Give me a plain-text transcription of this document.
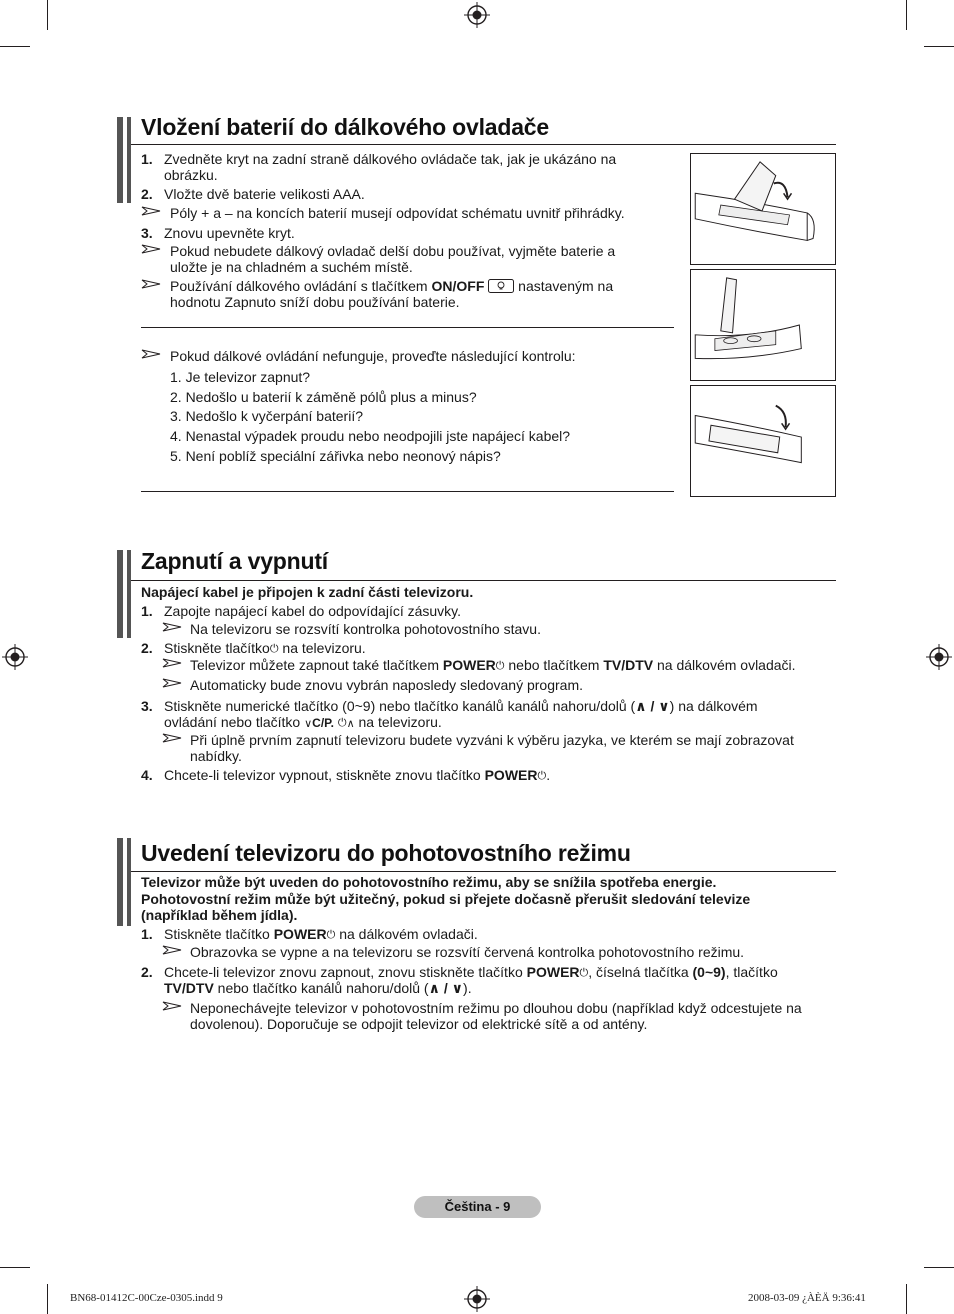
Vložení baterií do dálkového ovladače
1. Zvedněte kryt na zadní straně dálkového ovládače tak, jak je ukázáno na
obrázku.
2. Vložte dvě baterie velikosti AAA.
Póly + a – na koncích baterií musejí odpovídat schématu uvnitř přihrádky.
3. Znovu upevněte kryt.
Pokud nebudete dálkový ovladač delší dobu používat, vyjměte baterie a
uložte je na chladném a suchém místě.
Používání dálkového ovládání s tlačítkem ON/OFF nastaveným na
hodnotu Zapnuto sníží dobu používání baterie.
Pokud dálkové ovládání nefunguje, proveďte následující kontrolu:
1. Je televizor zapnut?
2. Nedošlo u baterií k záměně pólů plus a minus?
3. Nedošlo k vyčerpání baterií?
4. Nenastal výpadek proudu nebo neodpojili jste napájecí kabel?
5. Není poblíž speciální zářivka nebo neonový nápis?
Zapnutí a vypnutí
Napájecí kabel je připojen k zadní části televizoru.
1. Zapojte napájecí kabel do odpovídající zásuvky.
Na televizoru se rozsvítí kontrolka pohotovostního stavu.
2. Stiskněte tlačítko⏻ na televizoru.
Televizor můžete zapnout také tlačítkem POWER⏻ nebo tlačítkem TV/DTV na dálkovém ovladači.
Automaticky bude znovu vybrán naposledy sledovaný program.
3. Stiskněte numerické tlačítko (0~9) nebo tlačítko kanálů kanálů nahoru/dolů (∧ / ∨) na dálkovém
ovládání nebo tlačítko ∨C/P. ⏻∧ na televizoru.
Při úplně prvním zapnutí televizoru budete vyzváni k výběru jazyka, ve kterém se mají zobrazovat
nabídky.
4. Chcete-li televizor vypnout, stiskněte znovu tlačítko POWER⏻.
Uvedení televizoru do pohotovostního režimu
Televizor může být uveden do pohotovostního režimu, aby se snížila spotřeba energie.
Pohotovostní režim může být užitečný, pokud si přejete dočasně přerušit sledování televize
(například během jídla).
1. Stiskněte tlačítko POWER⏻ na dálkovém ovladači.
Obrazovka se vypne a na televizoru se rozsvítí červená kontrolka pohotovostního režimu.
2. Chcete-li televizor znovu zapnout, znovu stiskněte tlačítko POWER⏻, číselná tlačítka (0~9), tlačítko
TV/DTV nebo tlačítko kanálů nahoru/dolů (∧ / ∨).
Neponechávejte televizor v pohotovostním režimu po dlouhou dobu (například když odcestujete na
dovolenou). Doporučuje se odpojit televizor od elektrické sítě a od antény.
Čeština - 9
BN68-01412C-00Cze-0305.indd 9	2008-03-09 ¿ÀÈÄ 9:36:41
